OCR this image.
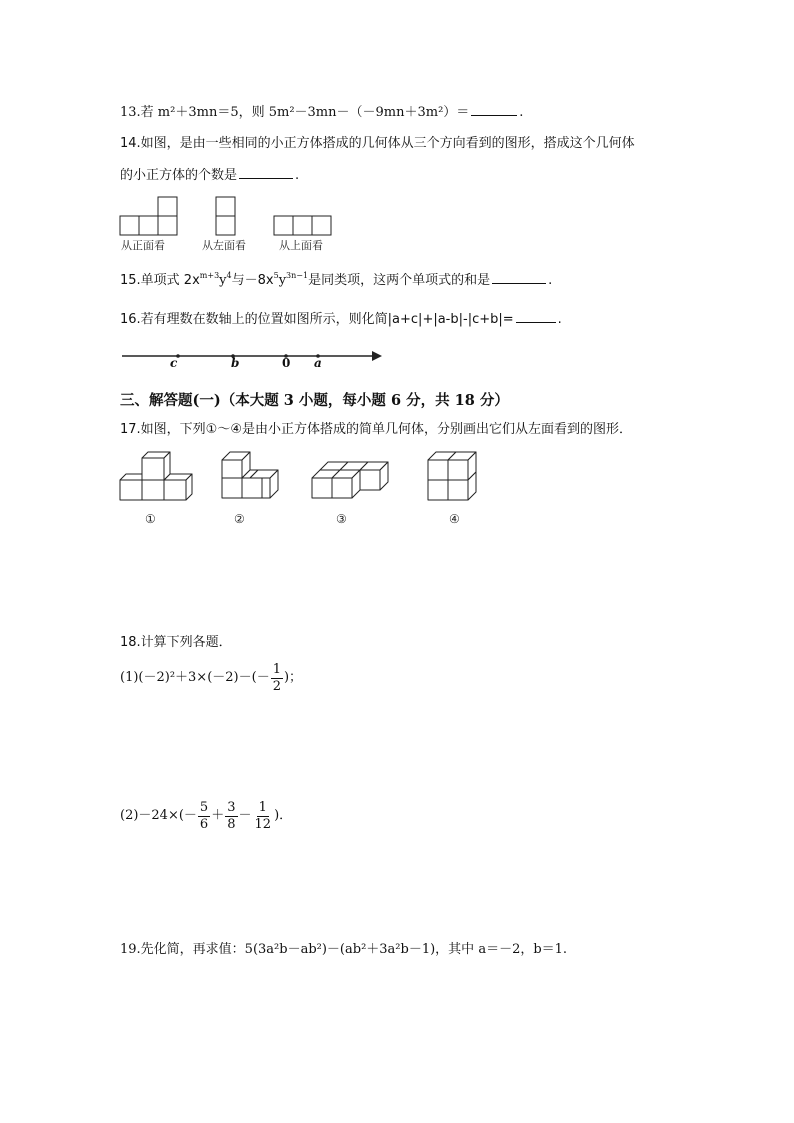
13.若 m²＋3mn＝5，则 5m²－3mn－（－9mn＋3m²）＝	.
14.如图，是由一些相同的小正方体搭成的几何体从三个方向看到的图形，搭成这个几何体
的小正方体的个数是	.
从正面看	从左面看	从上面看
15.单项式 $2x^{m+3}y^4$与$-8x^5y^{3n-1}$是同类项，这两个单项式的和是	.
16.若有理数在数轴上的位置如图所示，则化简|a+c|+|a-b|-|c+b|=	.
c	b	0 a
三、解答题(一)（本大题 3 小题，每小题 6 分，共 18 分）
17.如图，下列①～④是由小正方体搭成的简单几何体，分别画出它们从左面看到的图形．
①	②	③	④
18.计算下列各题．
$(1)(-2)^2+3\times(-2)-(- \frac{1}{2}$ )；
$(2)-24\times(- \frac{5}{6} + \frac{3}{8} - \frac{1}{12}$ )．
19.先化简，再求值：5(3a²b－ab²)－(ab²＋3a²b－1)，其中 a＝－2，b＝1.
